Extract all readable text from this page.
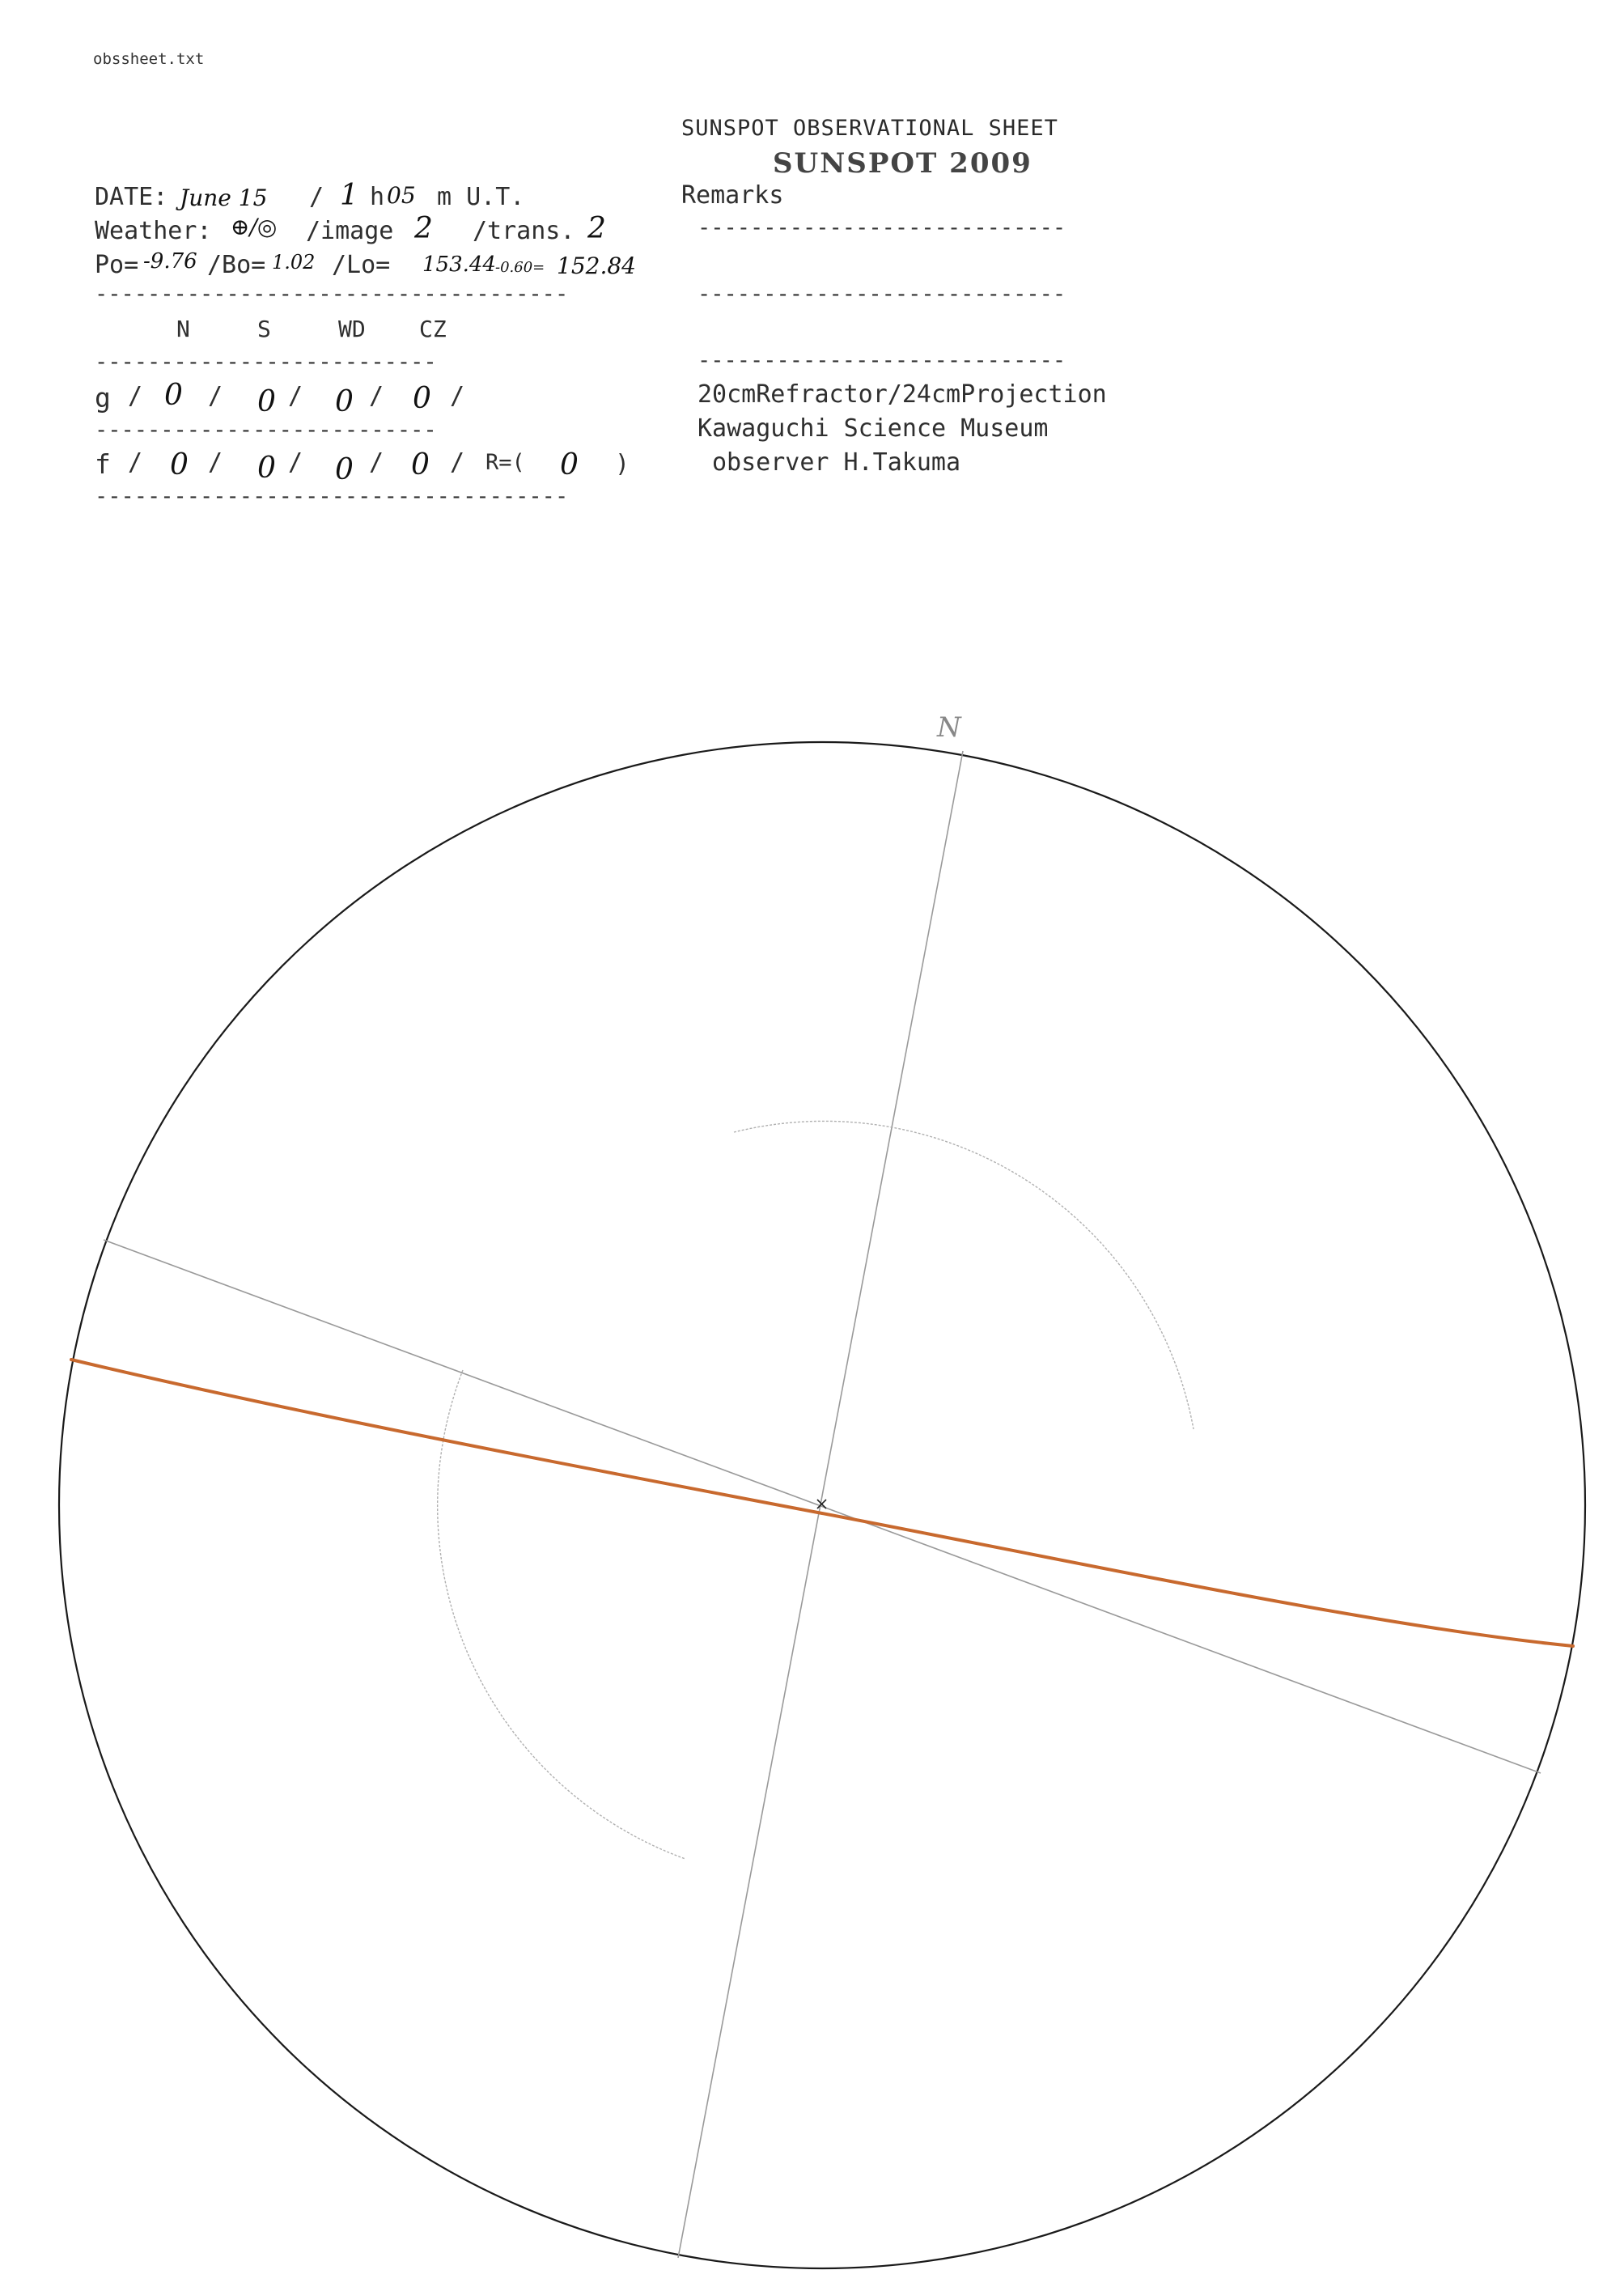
obssheet.txt
SUNSPOT OBSERVATIONAL SHEET
SUNSPOT 2009
DATE: June 15 / 1 h 05 m U.T.
Weather: ⊕/◎ /image 2 /trans. 2
Po= -9.76 /Bo= 1.02 /Lo= 153.44 -0.60= 152.84
------------------------------------
N	S	WD CZ
--------------------------
g / 0 / 0 / 0 / 0 /
--------------------------
f / 0 / 0 / 0 / 0 / R=( 0 )
------------------------------------
Remarks
----------------------------
----------------------------
----------------------------
20cmRefractor/24cmProjection
Kawaguchi Science Museum
observer H.Takuma
N
